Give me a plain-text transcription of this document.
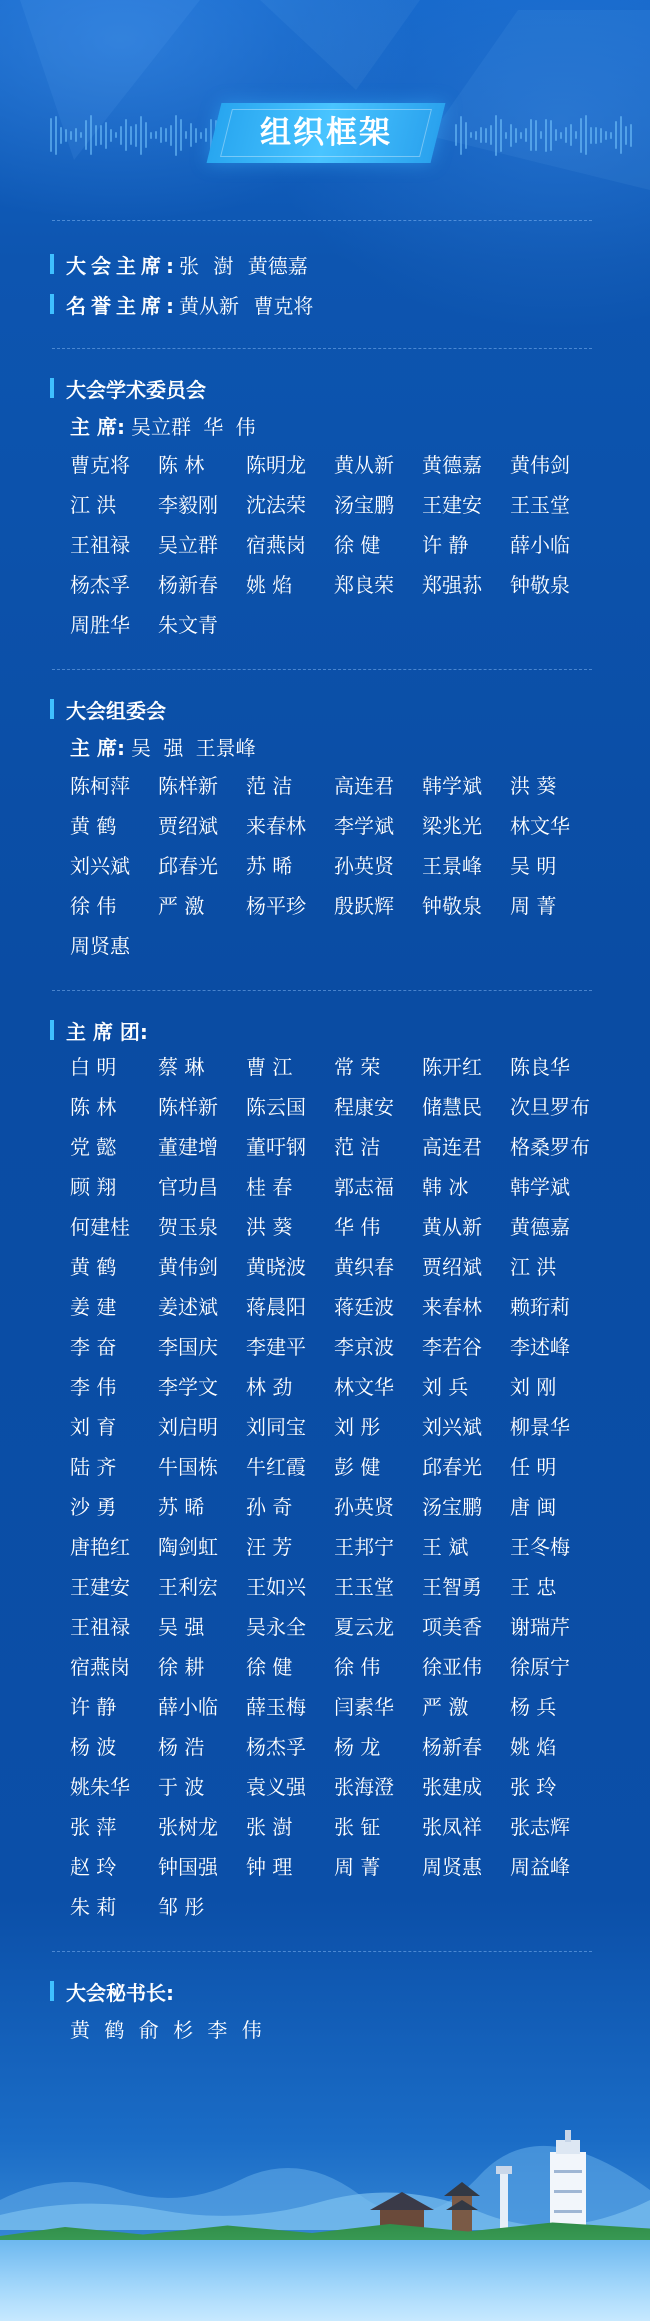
组织框架
大会主席: 张 澍 黄德嘉
名誉主席: 黄从新 曹克将
大会学术委员会
主 席: 吴立群 华 伟
曹克将	陈 林	陈明龙	黄从新	黄德嘉	黄伟剑
江 洪	李毅刚	沈法荣	汤宝鹏	王建安	王玉堂
王祖禄	吴立群	宿燕岗	徐 健	许 静	薛小临
杨杰孚	杨新春	姚 焰	郑良荣	郑强荪	钟敬泉
周胜华	朱文青
大会组委会
主 席: 吴 强 王景峰
陈柯萍	陈样新	范 洁	高连君	韩学斌	洪 葵
黄 鹤	贾绍斌	来春林	李学斌	梁兆光	林文华
刘兴斌	邱春光	苏 晞	孙英贤	王景峰	吴 明
徐 伟	严 激	杨平珍	殷跃辉	钟敬泉	周 菁
周贤惠
主 席 团:
白 明	蔡 琳	曹 江	常 荣	陈开红	陈良华
陈 林	陈样新	陈云国	程康安	储慧民	次旦罗布
党 懿	董建增	董吁钢	范 洁	高连君	格桑罗布
顾 翔	官功昌	桂 春	郭志福	韩 冰	韩学斌
何建桂	贺玉泉	洪 葵	华 伟	黄从新	黄德嘉
黄 鹤	黄伟剑	黄晓波	黄织春	贾绍斌	江 洪
姜 建	姜述斌	蒋晨阳	蒋廷波	来春林	赖珩莉
李 奋	李国庆	李建平	李京波	李若谷	李述峰
李 伟	李学文	林 劲	林文华	刘 兵	刘 刚
刘 育	刘启明	刘同宝	刘 彤	刘兴斌	柳景华
陆 齐	牛国栋	牛红霞	彭 健	邱春光	任 明
沙 勇	苏 晞	孙 奇	孙英贤	汤宝鹏	唐 闽
唐艳红	陶剑虹	汪 芳	王邦宁	王 斌	王冬梅
王建安	王利宏	王如兴	王玉堂	王智勇	王 忠
王祖禄	吴 强	吴永全	夏云龙	项美香	谢瑞芹
宿燕岗	徐 耕	徐 健	徐 伟	徐亚伟	徐原宁
许 静	薛小临	薛玉梅	闫素华	严 激	杨 兵
杨 波	杨 浩	杨杰孚	杨 龙	杨新春	姚 焰
姚朱华	于 波	袁义强	张海澄	张建成	张 玲
张 萍	张树龙	张 澍	张 钲	张凤祥	张志辉
赵 玲	钟国强	钟 理	周 菁	周贤惠	周益峰
朱 莉	邹 彤
大会秘书长:
黄 鹤 俞 杉 李 伟
